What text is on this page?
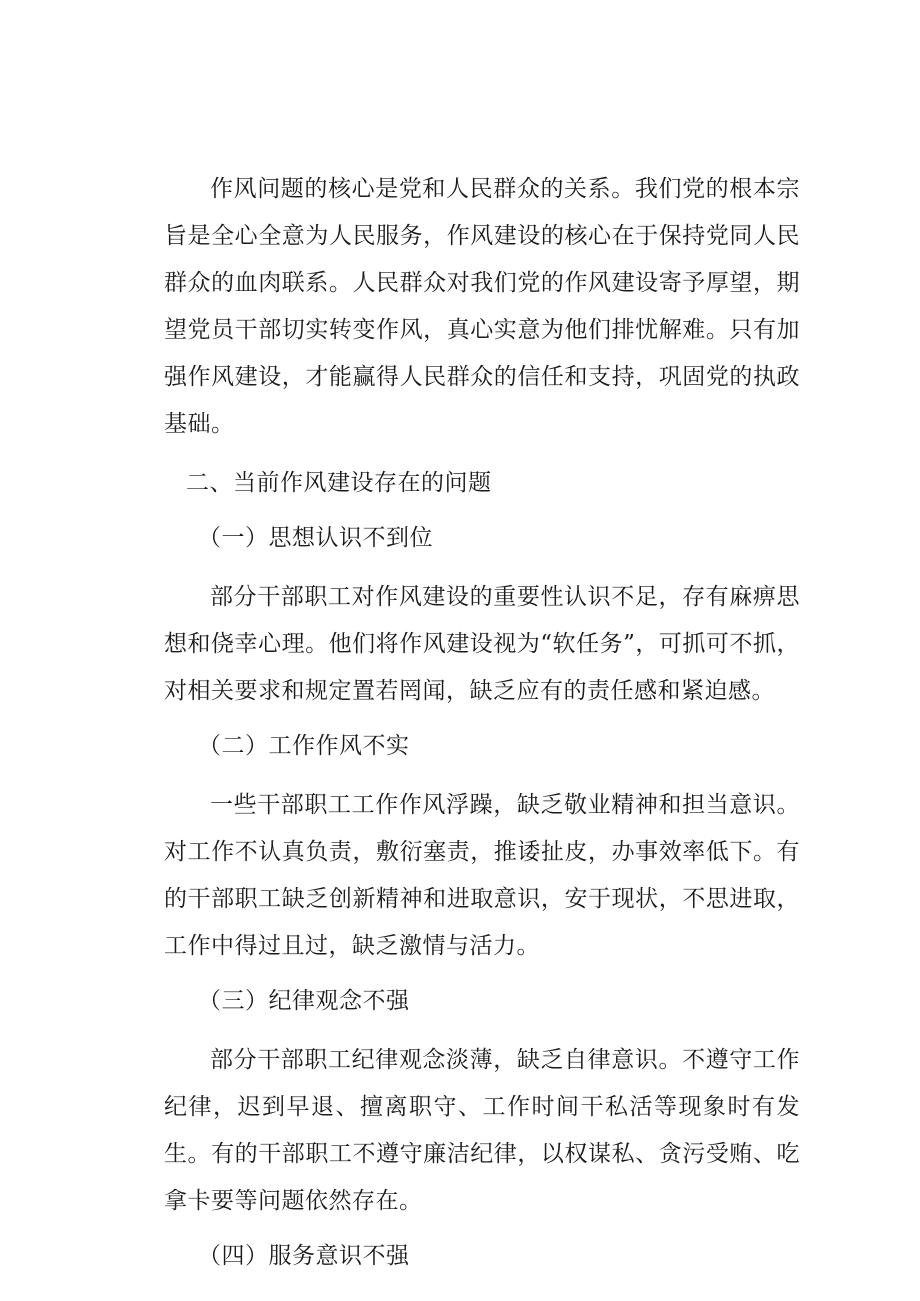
作风问题的核心是党和人民群众的关系。我们党的根本宗旨是全心全意为人民服务，作风建设的核心在于保持党同人民群众的血肉联系。人民群众对我们党的作风建设寄予厚望，期望党员干部切实转变作风，真心实意为他们排忧解难。只有加强作风建设，才能赢得人民群众的信任和支持，巩固党的执政基础。

二、当前作风建设存在的问题

（一）思想认识不到位

部分干部职工对作风建设的重要性认识不足，存有麻痹思想和侥幸心理。他们将作风建设视为“软任务”，可抓可不抓，对相关要求和规定置若罔闻，缺乏应有的责任感和紧迫感。

（二）工作作风不实

一些干部职工工作作风浮躁，缺乏敬业精神和担当意识。对工作不认真负责，敷衍塞责，推诿扯皮，办事效率低下。有的干部职工缺乏创新精神和进取意识，安于现状，不思进取，工作中得过且过，缺乏激情与活力。

（三）纪律观念不强

部分干部职工纪律观念淡薄，缺乏自律意识。不遵守工作纪律，迟到早退、擅离职守、工作时间干私活等现象时有发生。有的干部职工不遵守廉洁纪律，以权谋私、贪污受贿、吃拿卡要等问题依然存在。

（四）服务意识不强
